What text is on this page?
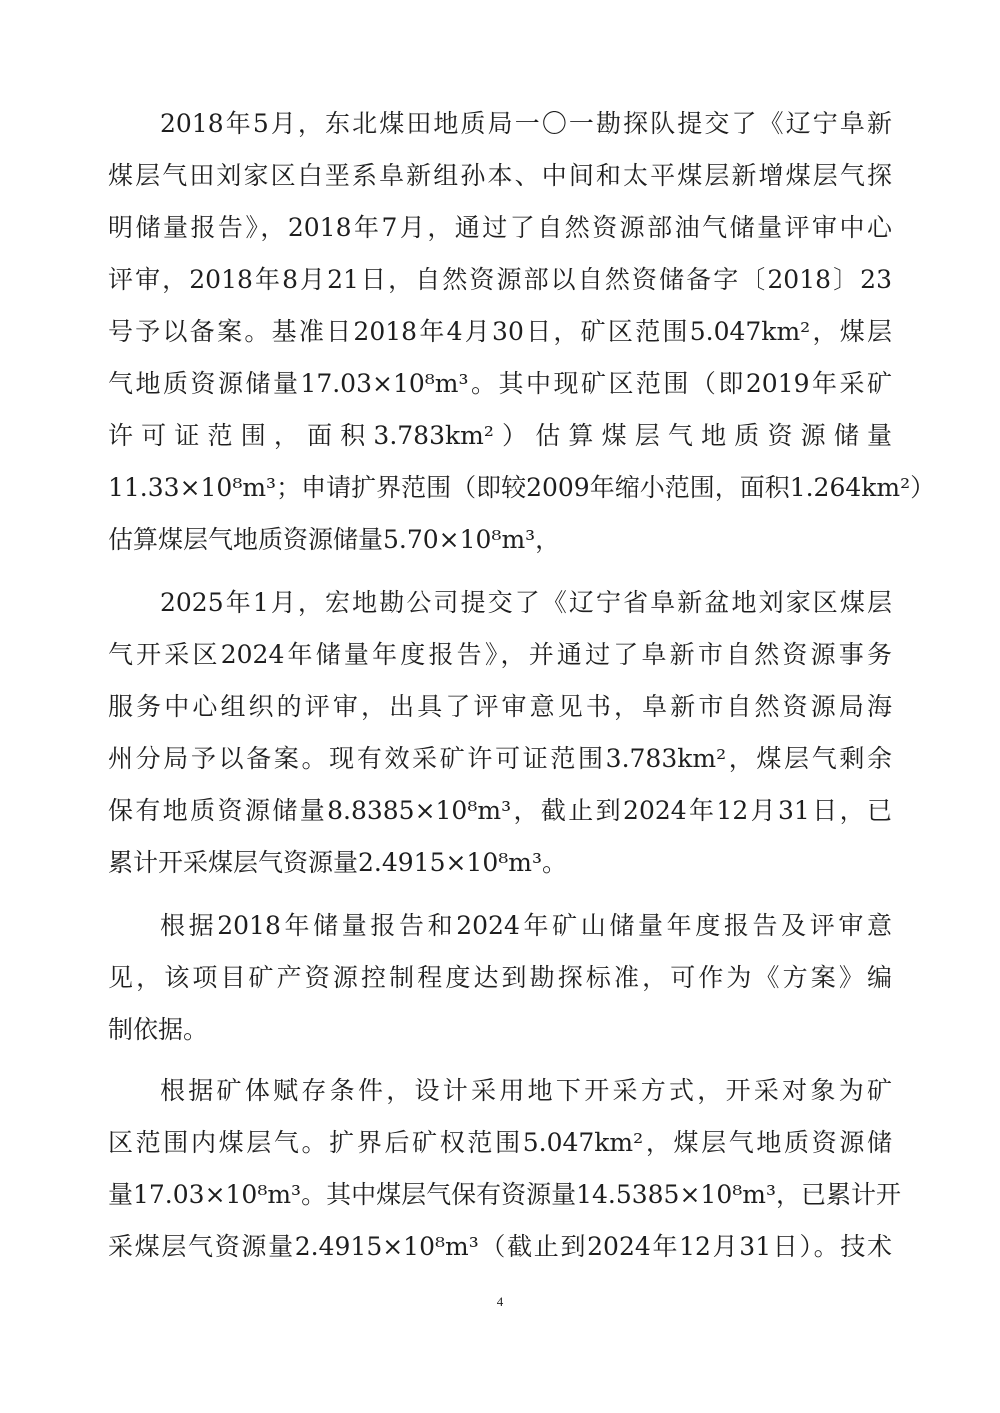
2018年5月，东北煤田地质局一〇一勘探队提交了《辽宁阜新
煤层气田刘家区白垩系阜新组孙本、中间和太平煤层新增煤层气探
明储量报告》，2018年7月，通过了自然资源部油气储量评审中心
评审，2018年8月21日，自然资源部以自然资储备字〔2018〕23
号予以备案。基准日2018年4月30日，矿区范围5.047km²，煤层
气地质资源储量17.03×10⁸m³。其中现矿区范围（即2019年采矿
许可证范围，面积3.783km²）估算煤层气地质资源储量
11.33×10⁸m³；申请扩界范围（即较2009年缩小范围，面积1.264km²）
估算煤层气地质资源储量5.70×10⁸m³，
2025年1月，宏地勘公司提交了《辽宁省阜新盆地刘家区煤层
气开采区2024年储量年度报告》，并通过了阜新市自然资源事务
服务中心组织的评审，出具了评审意见书，阜新市自然资源局海
州分局予以备案。现有效采矿许可证范围3.783km²，煤层气剩余
保有地质资源储量8.8385×10⁸m³，截止到2024年12月31日，已
累计开采煤层气资源量2.4915×10⁸m³。
根据2018年储量报告和2024年矿山储量年度报告及评审意
见，该项目矿产资源控制程度达到勘探标准，可作为《方案》编
制依据。
根据矿体赋存条件，设计采用地下开采方式，开采对象为矿
区范围内煤层气。扩界后矿权范围5.047km²，煤层气地质资源储
量17.03×10⁸m³。其中煤层气保有资源量14.5385×10⁸m³，已累计开
采煤层气资源量2.4915×10⁸m³（截止到2024年12月31日）。技术
4
